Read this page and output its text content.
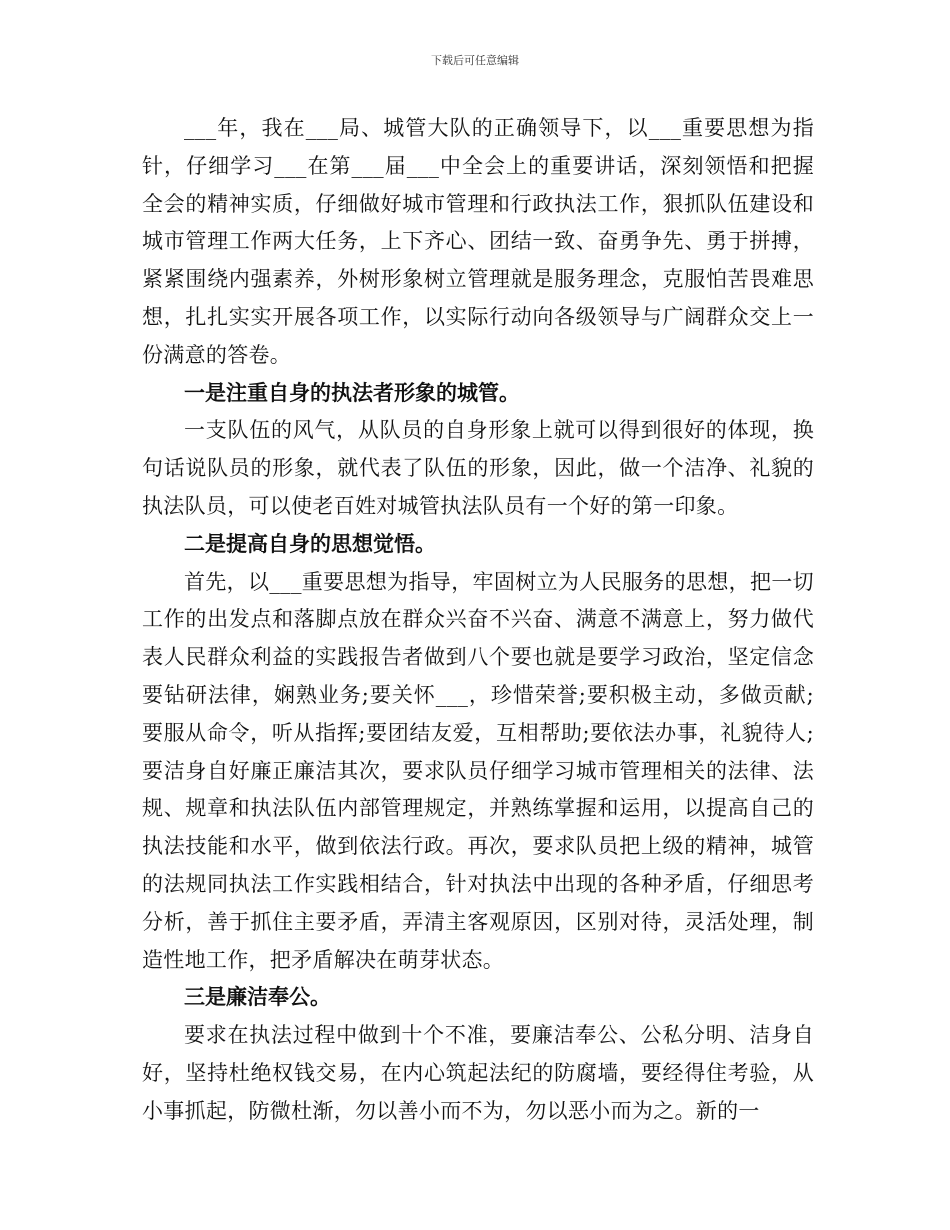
下载后可任意编辑

___年，我在___局、城管大队的正确领导下，以___重要思想为指针，仔细学习___在第___届___中全会上的重要讲话，深刻领悟和把握全会的精神实质，仔细做好城市管理和行政执法工作，狠抓队伍建设和城市管理工作两大任务，上下齐心、团结一致、奋勇争先、勇于拼搏，紧紧围绕内强素养，外树形象树立管理就是服务理念，克服怕苦畏难思想，扎扎实实开展各项工作，以实际行动向各级领导与广阔群众交上一份满意的答卷。

一是注重自身的执法者形象的城管。

一支队伍的风气，从队员的自身形象上就可以得到很好的体现，换句话说队员的形象，就代表了队伍的形象，因此，做一个洁净、礼貌的执法队员，可以使老百姓对城管执法队员有一个好的第一印象。

二是提高自身的思想觉悟。

首先，以___重要思想为指导，牢固树立为人民服务的思想，把一切工作的出发点和落脚点放在群众兴奋不兴奋、满意不满意上，努力做代表人民群众利益的实践报告者做到八个要也就是要学习政治，坚定信念要钻研法律，娴熟业务;要关怀___，珍惜荣誉;要积极主动，多做贡献;要服从命令，听从指挥;要团结友爱，互相帮助;要依法办事，礼貌待人;要洁身自好廉正廉洁其次，要求队员仔细学习城市管理相关的法律、法规、规章和执法队伍内部管理规定，并熟练掌握和运用，以提高自己的执法技能和水平，做到依法行政。再次，要求队员把上级的精神，城管的法规同执法工作实践相结合，针对执法中出现的各种矛盾，仔细思考分析，善于抓住主要矛盾，弄清主客观原因，区别对待，灵活处理，制造性地工作，把矛盾解决在萌芽状态。

三是廉洁奉公。

要求在执法过程中做到十个不准，要廉洁奉公、公私分明、洁身自好，坚持杜绝权钱交易，在内心筑起法纪的防腐墙，要经得住考验，从小事抓起，防微杜渐，勿以善小而不为，勿以恶小而为之。新的一
